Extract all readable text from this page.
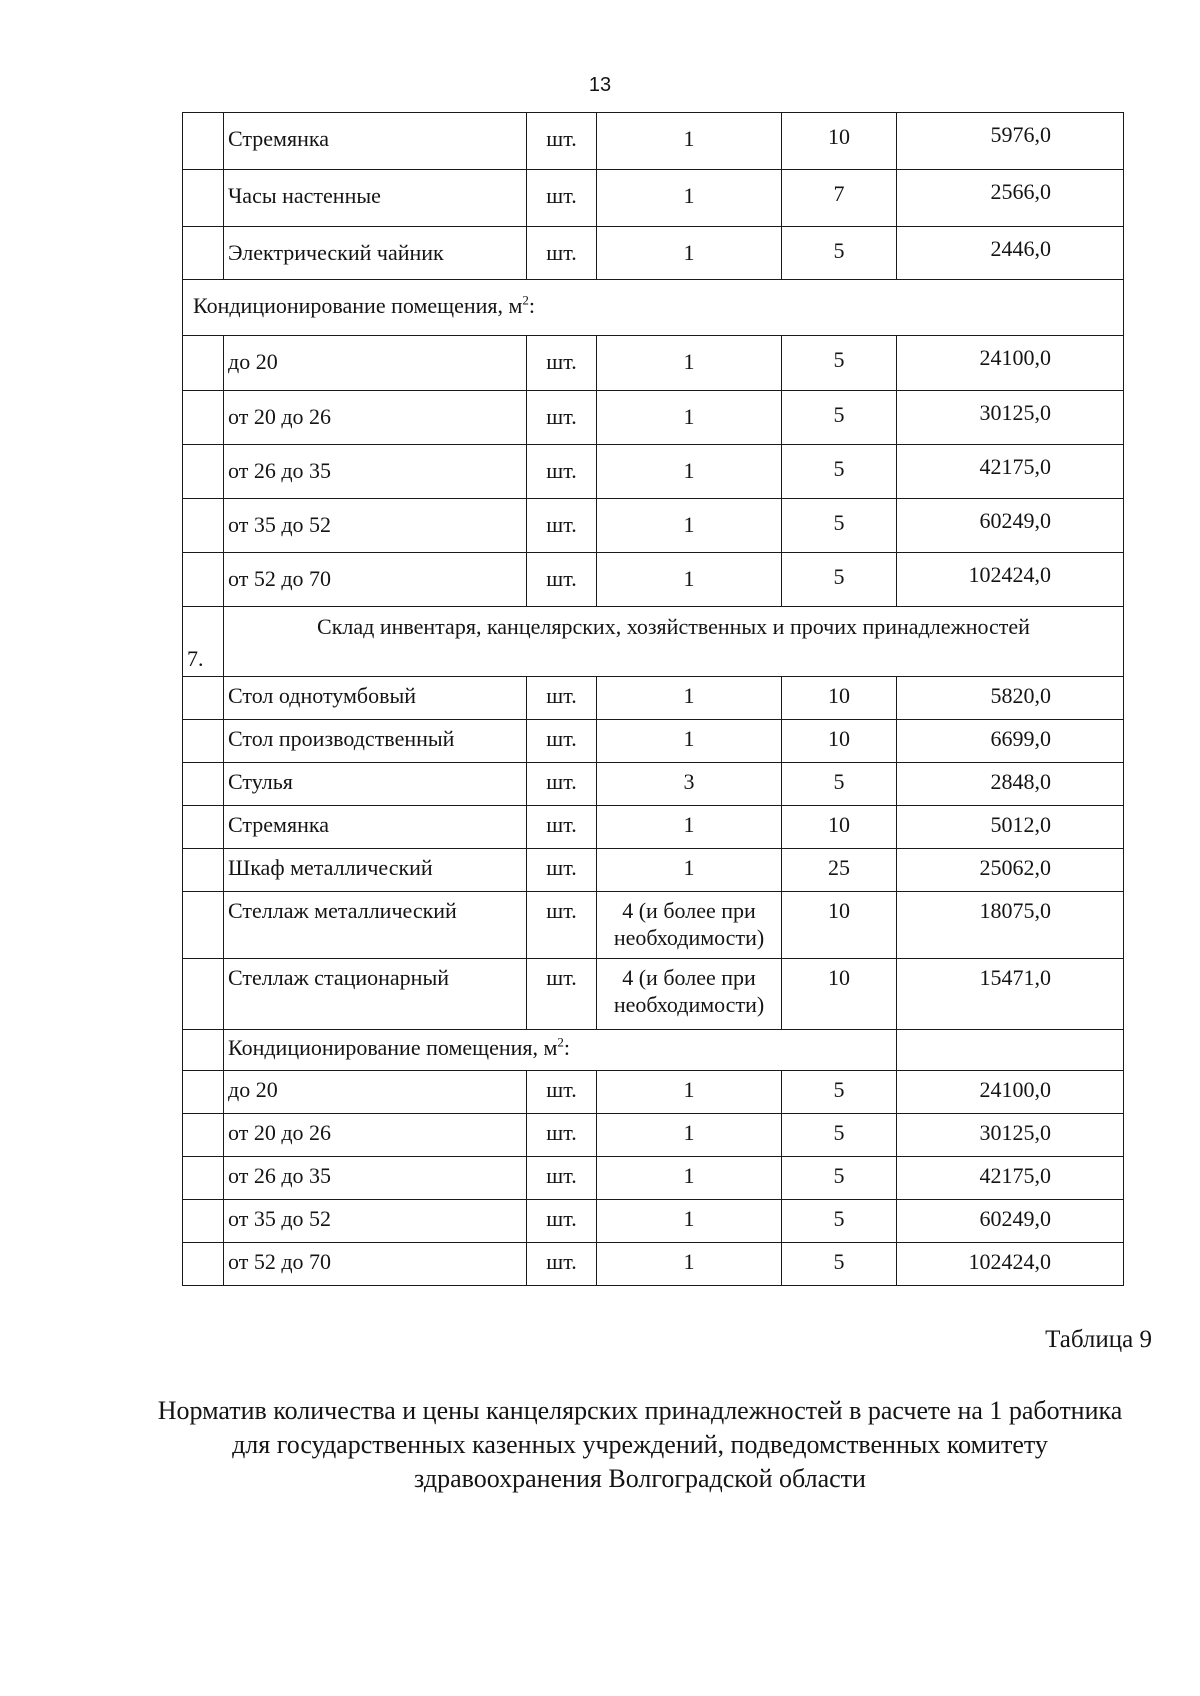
13
	Стремянка	шт.	1	10	5976,0
	Часы настенные	шт.	1	7	2566,0
	Электрический чайник	шт.	1	5	2446,0
Кондиционирование помещения, $м^2$:					
	до 20	шт.	1	5	24100,0
	от 20 до 26	шт.	1	5	30125,0
	от 26 до 35	шт.	1	5	42175,0
	от 35 до 52	шт.	1	5	60249,0
	от 52 до 70	шт.	1	5	102424,0
7.	Склад инвентаря, канцелярских, хозяйственных и прочих принадлежностей				
	Стол однотумбовый	шт.	1	10	5820,0
	Стол производственный	шт.	1	10	6699,0
	Стулья	шт.	3	5	2848,0
	Стремянка	шт.	1	10	5012,0
	Шкаф металлический	шт.	1	25	25062,0
	Стеллаж металлический	шт.	4 (и более при необходимости)	10	18075,0
	Стеллаж стационарный	шт.	4 (и более при необходимости)	10	15471,0
	Кондиционирование помещения, $м^2$:				
	до 20	шт.	1	5	24100,0
	от 20 до 26	шт.	1	5	30125,0
	от 26 до 35	шт.	1	5	42175,0
	от 35 до 52	шт.	1	5	60249,0
	от 52 до 70	шт.	1	5	102424,0
Таблица 9
Норматив количества и цены канцелярских принадлежностей в расчете на 1 работника для государственных казенных учреждений, подведомственных комитету здравоохранения Волгоградской области
